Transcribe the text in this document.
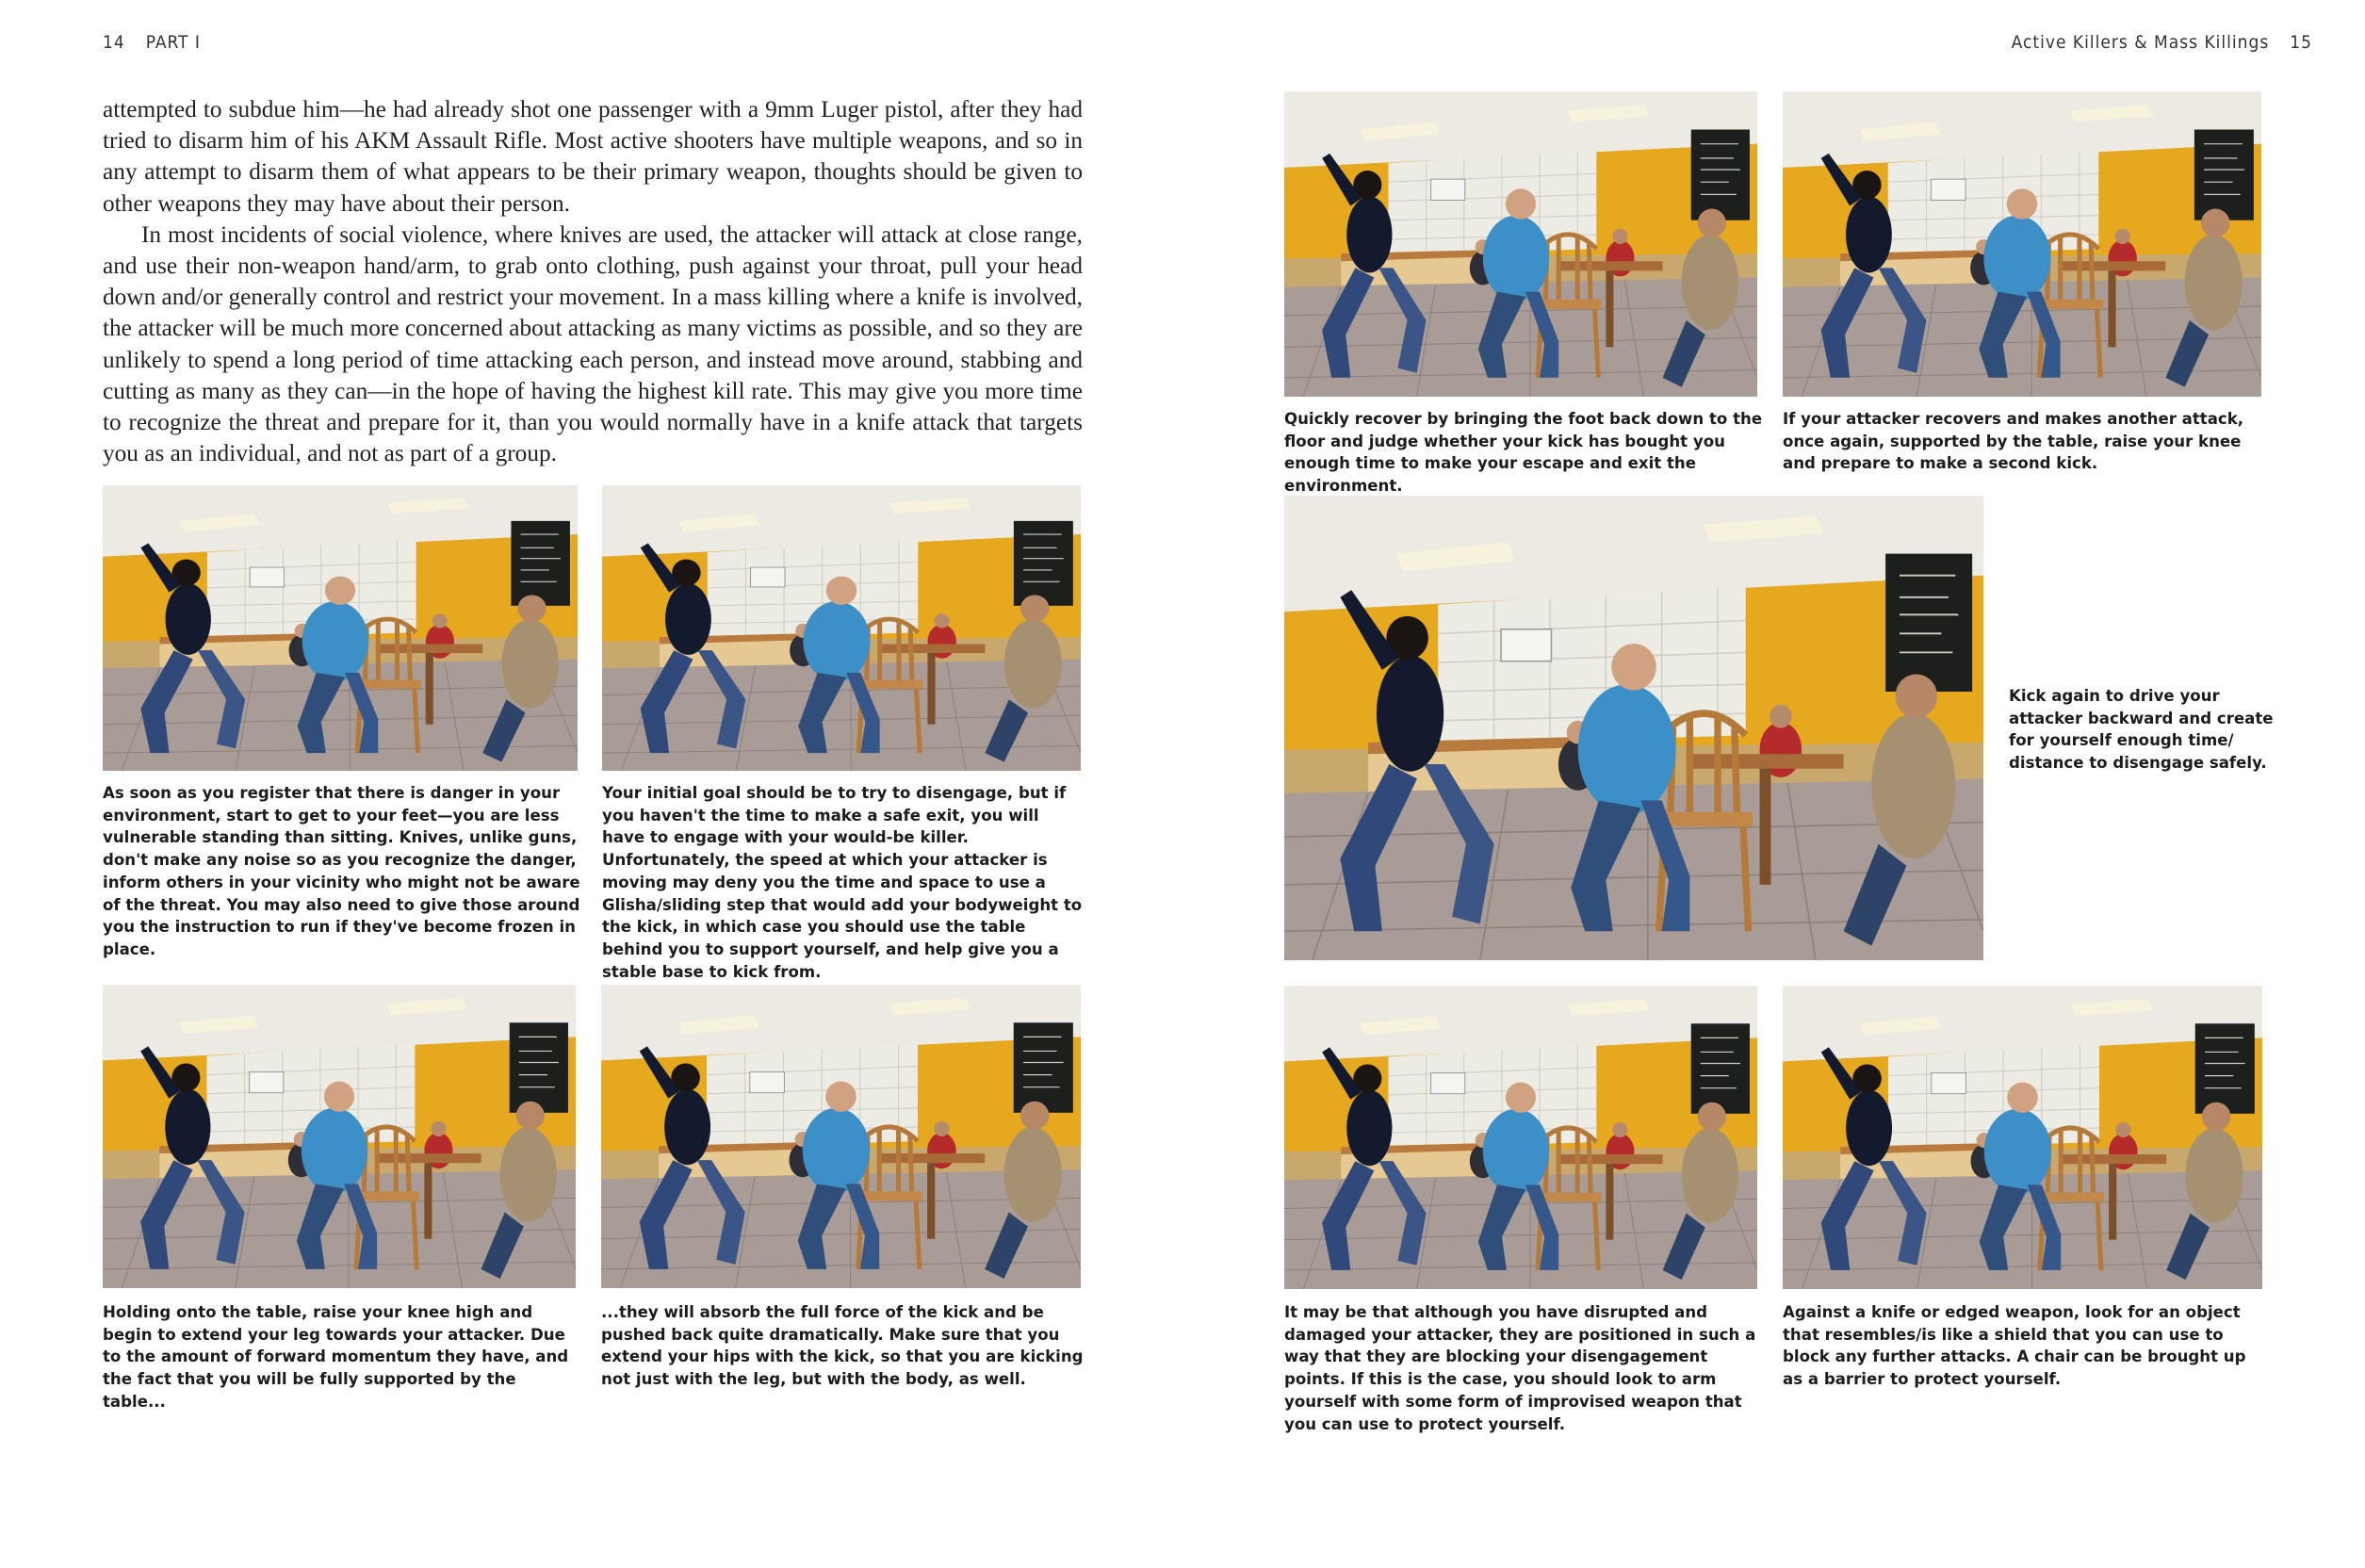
14 PART I

attempted to subdue him—he had already shot one passenger with a 9mm Luger pistol, after they had tried to disarm him of his AKM Assault Rifle. Most active shooters have multiple weapons, and so in any attempt to disarm them of what appears to be their primary weapon, thoughts should be given to other weapons they may have about their person.

In most incidents of social violence, where knives are used, the attacker will attack at close range, and use their non-weapon hand/arm, to grab onto clothing, push against your throat, pull your head down and/or generally control and restrict your movement. In a mass killing where a knife is involved, the attacker will be much more concerned about attacking as many victims as possible, and so they are unlikely to spend a long period of time attacking each person, and instead move around, stabbing and cutting as many as they can—in the hope of having the highest kill rate. This may give you more time to recognize the threat and prepare for it, than you would normally have in a knife attack that targets you as an individual, and not as part of a group.

As soon as you register that there is danger in your environment, start to get to your feet—you are less vulnerable standing than sitting. Knives, unlike guns, don't make any noise so as you recognize the danger, inform others in your vicinity who might not be aware of the threat. You may also need to give those around you the instruction to run if they've become frozen in place.
Your initial goal should be to try to disengage, but if you haven't the time to make a safe exit, you will have to engage with your would-be killer. Unfortunately, the speed at which your attacker is moving may deny you the time and space to use a Glisha/sliding step that would add your bodyweight to the kick, in which case you should use the table behind you to support yourself, and help give you a stable base to kick from.
Holding onto the table, raise your knee high and begin to extend your leg towards your attacker. Due to the amount of forward momentum they have, and the fact that you will be fully supported by the table...
...they will absorb the full force of the kick and be pushed back quite dramatically. Make sure that you extend your hips with the kick, so that you are kicking not just with the leg, but with the body, as well.
Active Killers & Mass Killings 15
Quickly recover by bringing the foot back down to the floor and judge whether your kick has bought you enough time to make your escape and exit the environment.
If your attacker recovers and makes another attack, once again, supported by the table, raise your knee and prepare to make a second kick.
Kick again to drive your attacker backward and create for yourself enough time/ distance to disengage safely.
It may be that although you have disrupted and damaged your attacker, they are positioned in such a way that they are blocking your disengagement points. If this is the case, you should look to arm yourself with some form of improvised weapon that you can use to protect yourself.
Against a knife or edged weapon, look for an object that resembles/is like a shield that you can use to block any further attacks. A chair can be brought up as a barrier to protect yourself.
